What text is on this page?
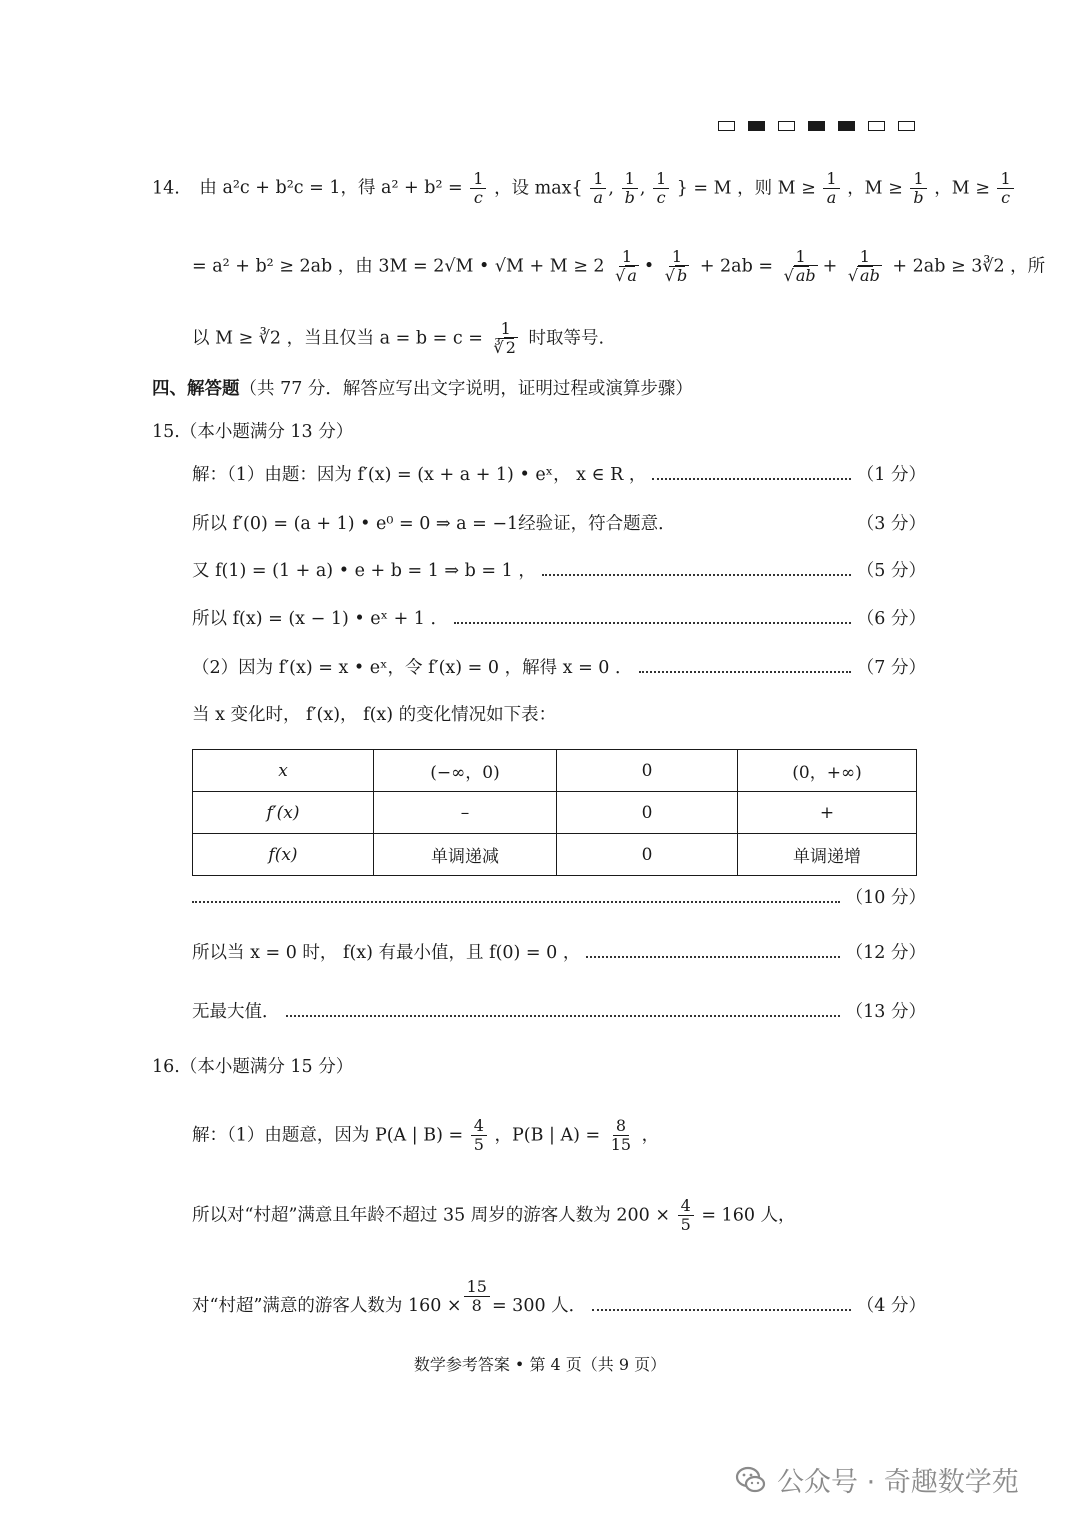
14. 由 a²c + b²c = 1，得 $a^2 + b^2 = \frac{1}{c}$ ，设 $\max\{ \frac{1}{a}$ , $\frac{1}{b}$ , $\frac{1}{c}$ } = M ，则 $M \ge \frac{1}{a}$ ，$M \ge \frac{1}{b}$ ，$M \ge \frac{1}{c}$
= a² + b² ≥ 2ab ，由 3M = 2√M • $√M + M \ge 2 \frac{1}{√ a}$ • $\frac{1}{√ b} + 2ab = \frac{1}{√ ab} + \frac{1}{√ ab} + 2ab$ ≥ 3∛2 ，所
以 M ≥ ∛2 ，当且仅当 $a = b = c = \frac{1}{∛ 2}$ 时取等号.
四、解答题（共 77 分．解答应写出文字说明，证明过程或演算步骤）
15.（本小题满分 13 分）
解：（1）由题：因为 f′(x) = (x + a + 1) • eˣ， x ∈ R ，	（1 分）
所以 f′(0) = (a + 1) • e⁰ = 0 ⇒ a = −1经验证，符合题意．	（3 分）
又 f(1) = (1 + a) • e + b = 1 ⇒ b = 1 ，	（5 分）
所以 f(x) = (x − 1) • eˣ + 1 ．	（6 分）
（2）因为 f′(x) = x • eˣ，令 f′(x) = 0 ，解得 x = 0 ．	（7 分）
当 x 变化时， f′(x)， f(x) 的变化情况如下表：
x	(−∞，0)	0	(0，+∞)
f′(x)	–	0	+
f(x)	单调递减	0	单调递增
（10 分）
所以当 x = 0 时， f(x) 有最小值，且 f(0) = 0 ，	（12 分）
无最大值．	（13 分）
16.（本小题满分 15 分）
解：（1）由题意，因为 P(A | $B) = \frac{4}{5}$ ，P(B | $A) = \frac{8}{15}$ ，
所以对“村超”满意且年龄不超过 35 周岁的游客人数为 $200 \times \frac{4}{5} = 160$ 人，
对“村超”满意的游客人数为 $160 \times \frac{15}{8} = 300$ 人．	（4 分）
数学参考答案 • 第 4 页（共 9 页）
公众号 · 奇趣数学苑
